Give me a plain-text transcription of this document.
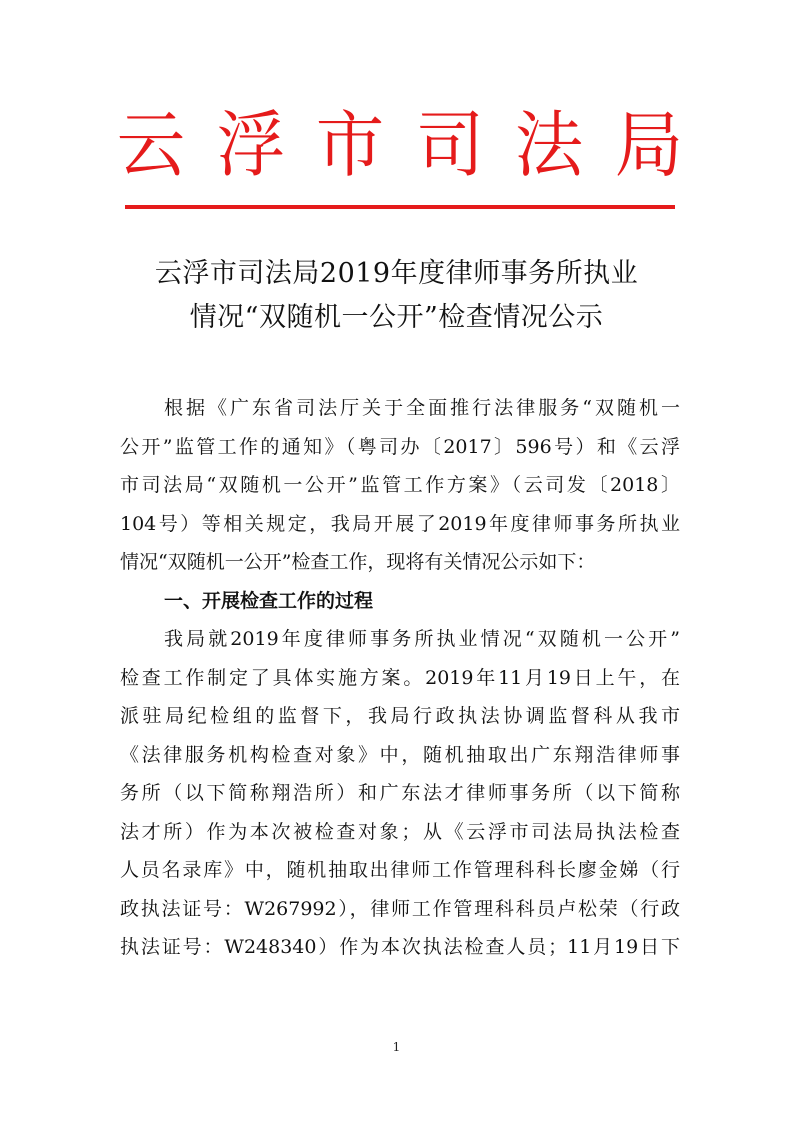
云 浮 市 司 法 局
云浮市司法局2019年度律师事务所执业
情况“双随机一公开”检查情况公示
根据《广东省司法厅关于全面推行法律服务“双随机一
公开”监管工作的通知》（粤司办〔2017〕596号）和《云浮
市司法局“双随机一公开”监管工作方案》（云司发〔2018〕
104号）等相关规定，我局开展了2019年度律师事务所执业
情况“双随机一公开”检查工作，现将有关情况公示如下：
一、开展检查工作的过程
我局就2019年度律师事务所执业情况“双随机一公开”
检查工作制定了具体实施方案。2019年11月19日上午，在
派驻局纪检组的监督下，我局行政执法协调监督科从我市
《法律服务机构检查对象》中，随机抽取出广东翔浩律师事
务所（以下简称翔浩所）和广东法才律师事务所（以下简称
法才所）作为本次被检查对象；从《云浮市司法局执法检查
人员名录库》中，随机抽取出律师工作管理科科长廖金娣（行
政执法证号：W267992），律师工作管理科科员卢松荣（行政
执法证号：W248340）作为本次执法检查人员；11月19日下
1
